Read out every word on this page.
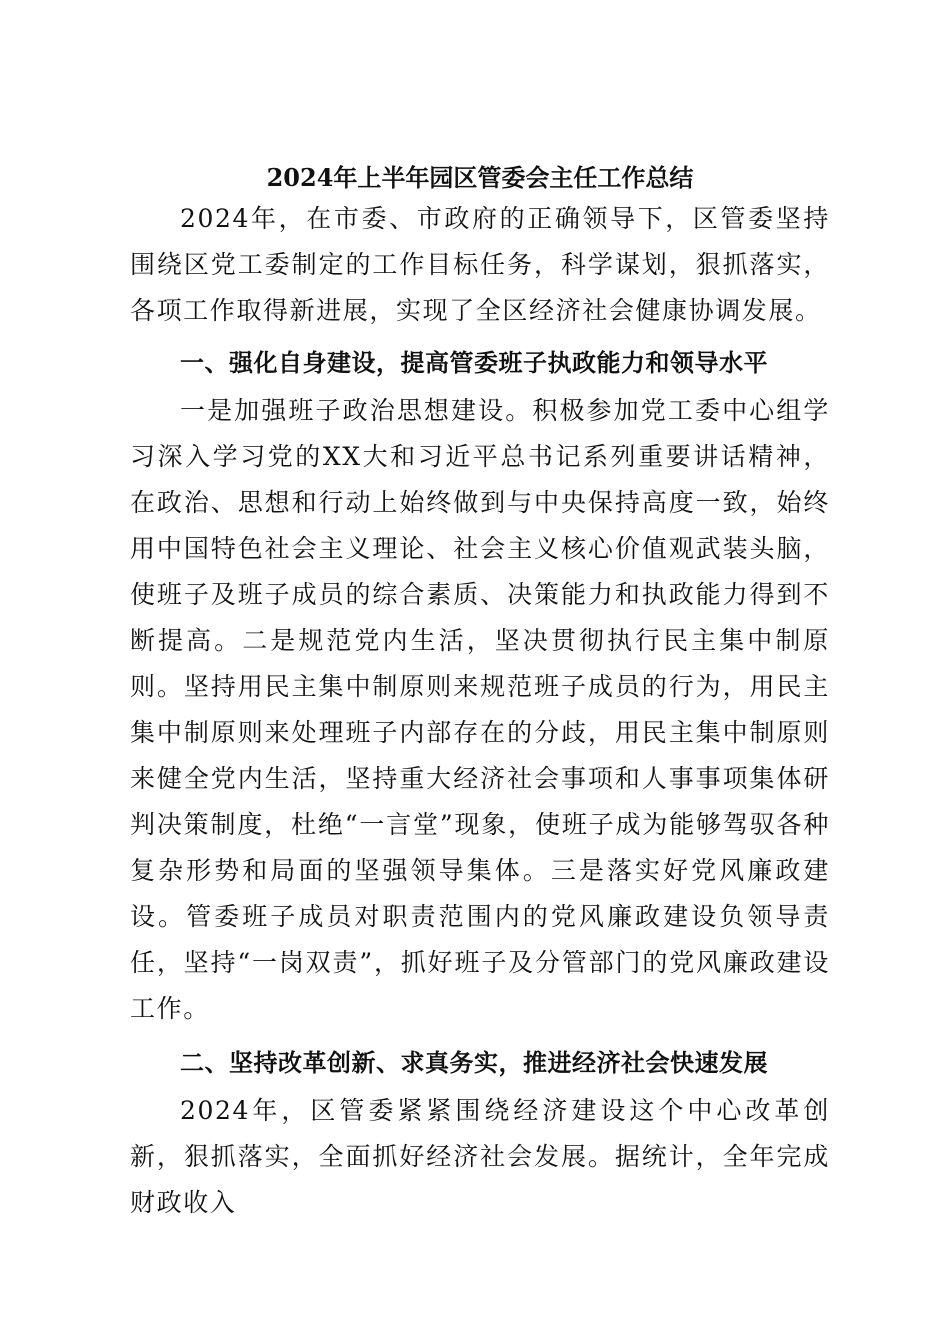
2024年上半年园区管委会主任工作总结

2024年，在市委、市政府的正确领导下，区管委坚持围绕区党工委制定的工作目标任务，科学谋划，狠抓落实，各项工作取得新进展，实现了全区经济社会健康协调发展。

一、强化自身建设，提高管委班子执政能力和领导水平

一是加强班子政治思想建设。积极参加党工委中心组学习深入学习党的XX大和习近平总书记系列重要讲话精神，在政治、思想和行动上始终做到与中央保持高度一致，始终用中国特色社会主义理论、社会主义核心价值观武装头脑，使班子及班子成员的综合素质、决策能力和执政能力得到不断提高。二是规范党内生活，坚决贯彻执行民主集中制原则。坚持用民主集中制原则来规范班子成员的行为，用民主集中制原则来处理班子内部存在的分歧，用民主集中制原则来健全党内生活，坚持重大经济社会事项和人事事项集体研判决策制度，杜绝“一言堂”现象，使班子成为能够驾驭各种复杂形势和局面的坚强领导集体。三是落实好党风廉政建设。管委班子成员对职责范围内的党风廉政建设负领导责任，坚持“一岗双责”，抓好班子及分管部门的党风廉政建设工作。

二、坚持改革创新、求真务实，推进经济社会快速发展

2024年，区管委紧紧围绕经济建设这个中心改革创新，狠抓落实，全面抓好经济社会发展。据统计，全年完成财政收入
